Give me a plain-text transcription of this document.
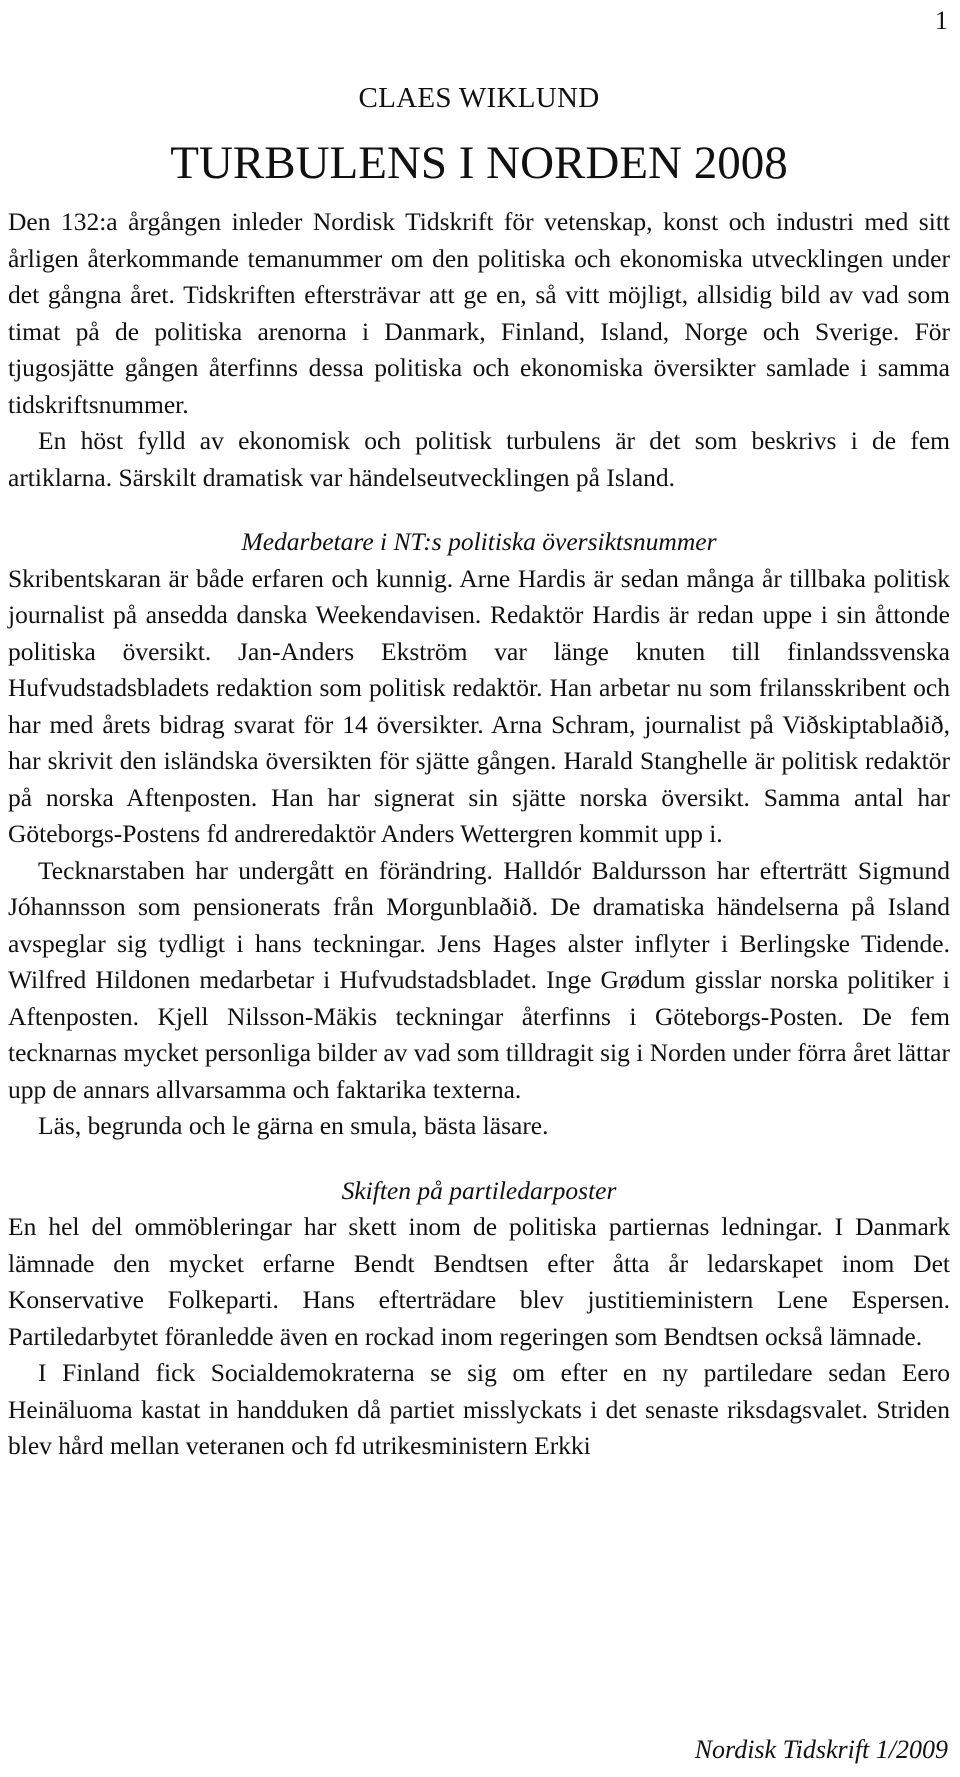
1
CLAES WIKLUND
TURBULENS I NORDEN 2008

Den 132:a årgången inleder Nordisk Tidskrift för vetenskap, konst och industri med sitt årligen återkommande temanummer om den politiska och ekonomiska utvecklingen under det gångna året. Tidskriften eftersträvar att ge en, så vitt möjligt, allsidig bild av vad som timat på de politiska arenorna i Danmark, Finland, Island, Norge och Sverige. För tjugosjätte gången återfinns dessa politiska och ekonomiska översikter samlade i samma tidskriftsnummer.

En höst fylld av ekonomisk och politisk turbulens är det som beskrivs i de fem artiklarna. Särskilt dramatisk var händelseutvecklingen på Island.

Medarbetare i NT:s politiska översiktsnummer

Skribentskaran är både erfaren och kunnig. Arne Hardis är sedan många år tillbaka politisk journalist på ansedda danska Weekendavisen. Redaktör Hardis är redan uppe i sin åttonde politiska översikt. Jan-Anders Ekström var länge knuten till finlandssvenska Hufvudstadsbladets redaktion som politisk redaktör. Han arbetar nu som frilansskribent och har med årets bidrag svarat för 14 översikter. Arna Schram, journalist på Viðskiptablaðið, har skrivit den isländska översikten för sjätte gången. Harald Stanghelle är politisk redaktör på norska Aftenposten. Han har signerat sin sjätte norska översikt. Samma antal har Göteborgs-Postens fd andreredaktör Anders Wettergren kommit upp i.

Tecknarstaben har undergått en förändring. Halldór Baldursson har efterträtt Sigmund Jóhannsson som pensionerats från Morgunblaðið. De dramatiska händelserna på Island avspeglar sig tydligt i hans teckningar. Jens Hages alster inflyter i Berlingske Tidende. Wilfred Hildonen medarbetar i Hufvudstadsbladet. Inge Grødum gisslar norska politiker i Aftenposten. Kjell Nilsson-Mäkis teckningar återfinns i Göteborgs-Posten. De fem tecknarnas mycket personliga bilder av vad som tilldragit sig i Norden under förra året lättar upp de annars allvarsamma och faktarika texterna.

Läs, begrunda och le gärna en smula, bästa läsare.

Skiften på partiledarposter

En hel del ommöbleringar har skett inom de politiska partiernas ledningar. I Danmark lämnade den mycket erfarne Bendt Bendtsen efter åtta år ledarskapet inom Det Konservative Folkeparti. Hans efterträdare blev justitieministern Lene Espersen. Partiledarbytet föranledde även en rockad inom regeringen som Bendtsen också lämnade.

I Finland fick Socialdemokraterna se sig om efter en ny partiledare sedan Eero Heinäluoma kastat in handduken då partiet misslyckats i det senaste riksdagsvalet. Striden blev hård mellan veteranen och fd utrikesministern Erkki

Nordisk Tidskrift 1/2009
